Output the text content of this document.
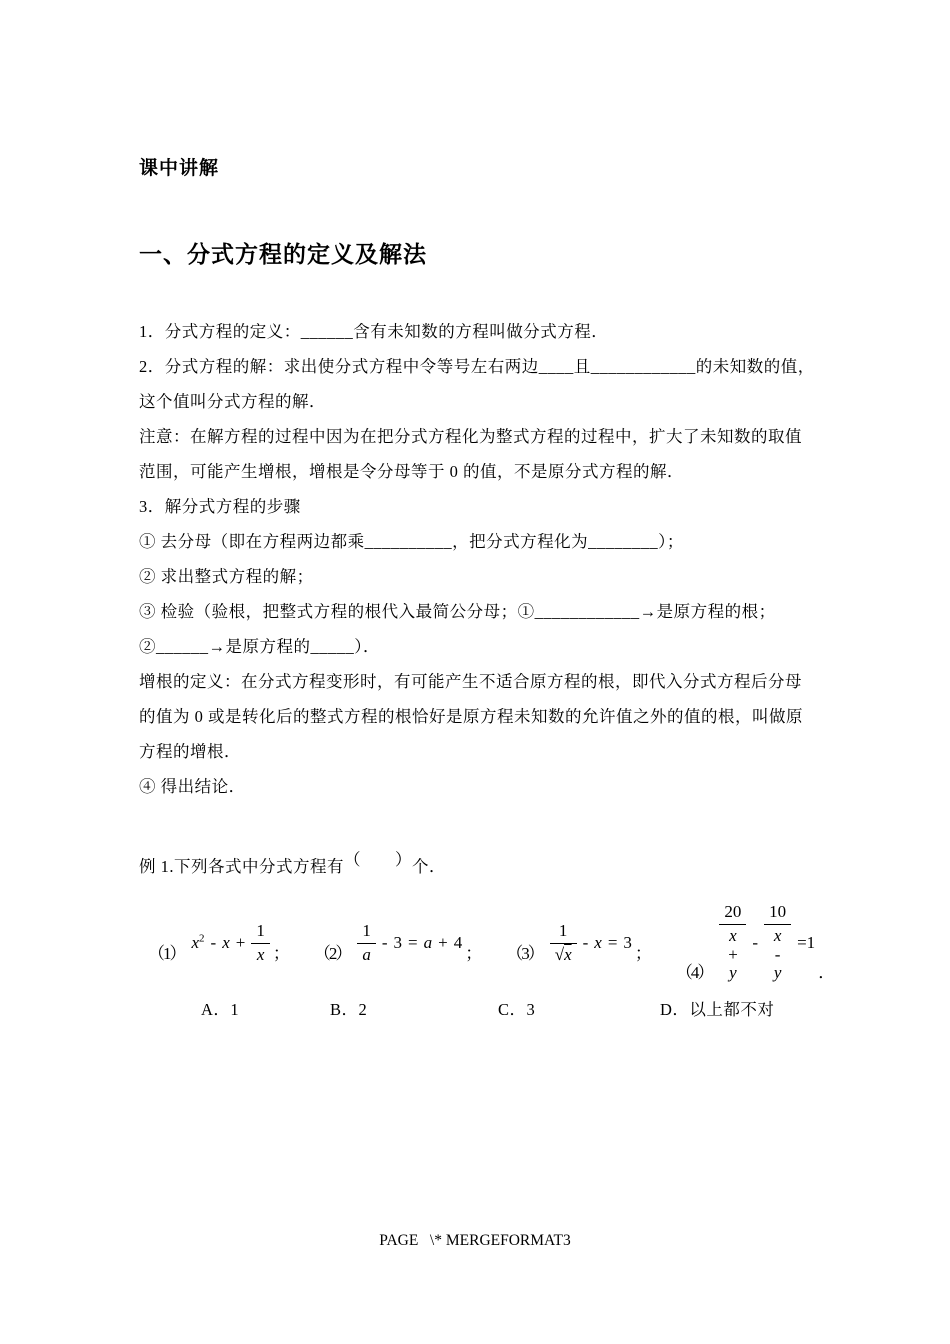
课中讲解
一、分式方程的定义及解法
1．分式方程的定义：______含有未知数的方程叫做分式方程．
2．分式方程的解：求出使分式方程中令等号左右两边____且____________的未知数的值，
这个值叫分式方程的解．
注意：在解方程的过程中因为在把分式方程化为整式方程的过程中，扩大了未知数的取值
范围，可能产生增根，增根是令分母等于 0 的值，不是原分式方程的解．
3．解分式方程的步骤
① 去分母（即在方程两边都乘__________，把分式方程化为________）；
② 求出整式方程的解；
③ 检验（验根，把整式方程的根代入最简公分母；①____________→是原方程的根；
②______→是原方程的_____）．
增根的定义：在分式方程变形时，有可能产生不适合原方程的根，即代入分式方程后分母
的值为 0 或是转化后的整式方程的根恰好是原方程未知数的允许值之外的值的根，叫做原
方程的增根．
④ 得出结论．
例 1.下列各式中分式方程有（　　）个．
（1）
$x^2 - x + \frac{1}{x}$ ； $(2) \frac{1}{a} - 3 = a + 4$
； $(3) \frac{1}{√x} - x = 3$
；
$(4) \frac{20}{x + y} - \frac{10}{x - y} =1$
．
A．1	B．2	C．3	D．以上都不对
PAGE   \* MERGEFORMAT3
